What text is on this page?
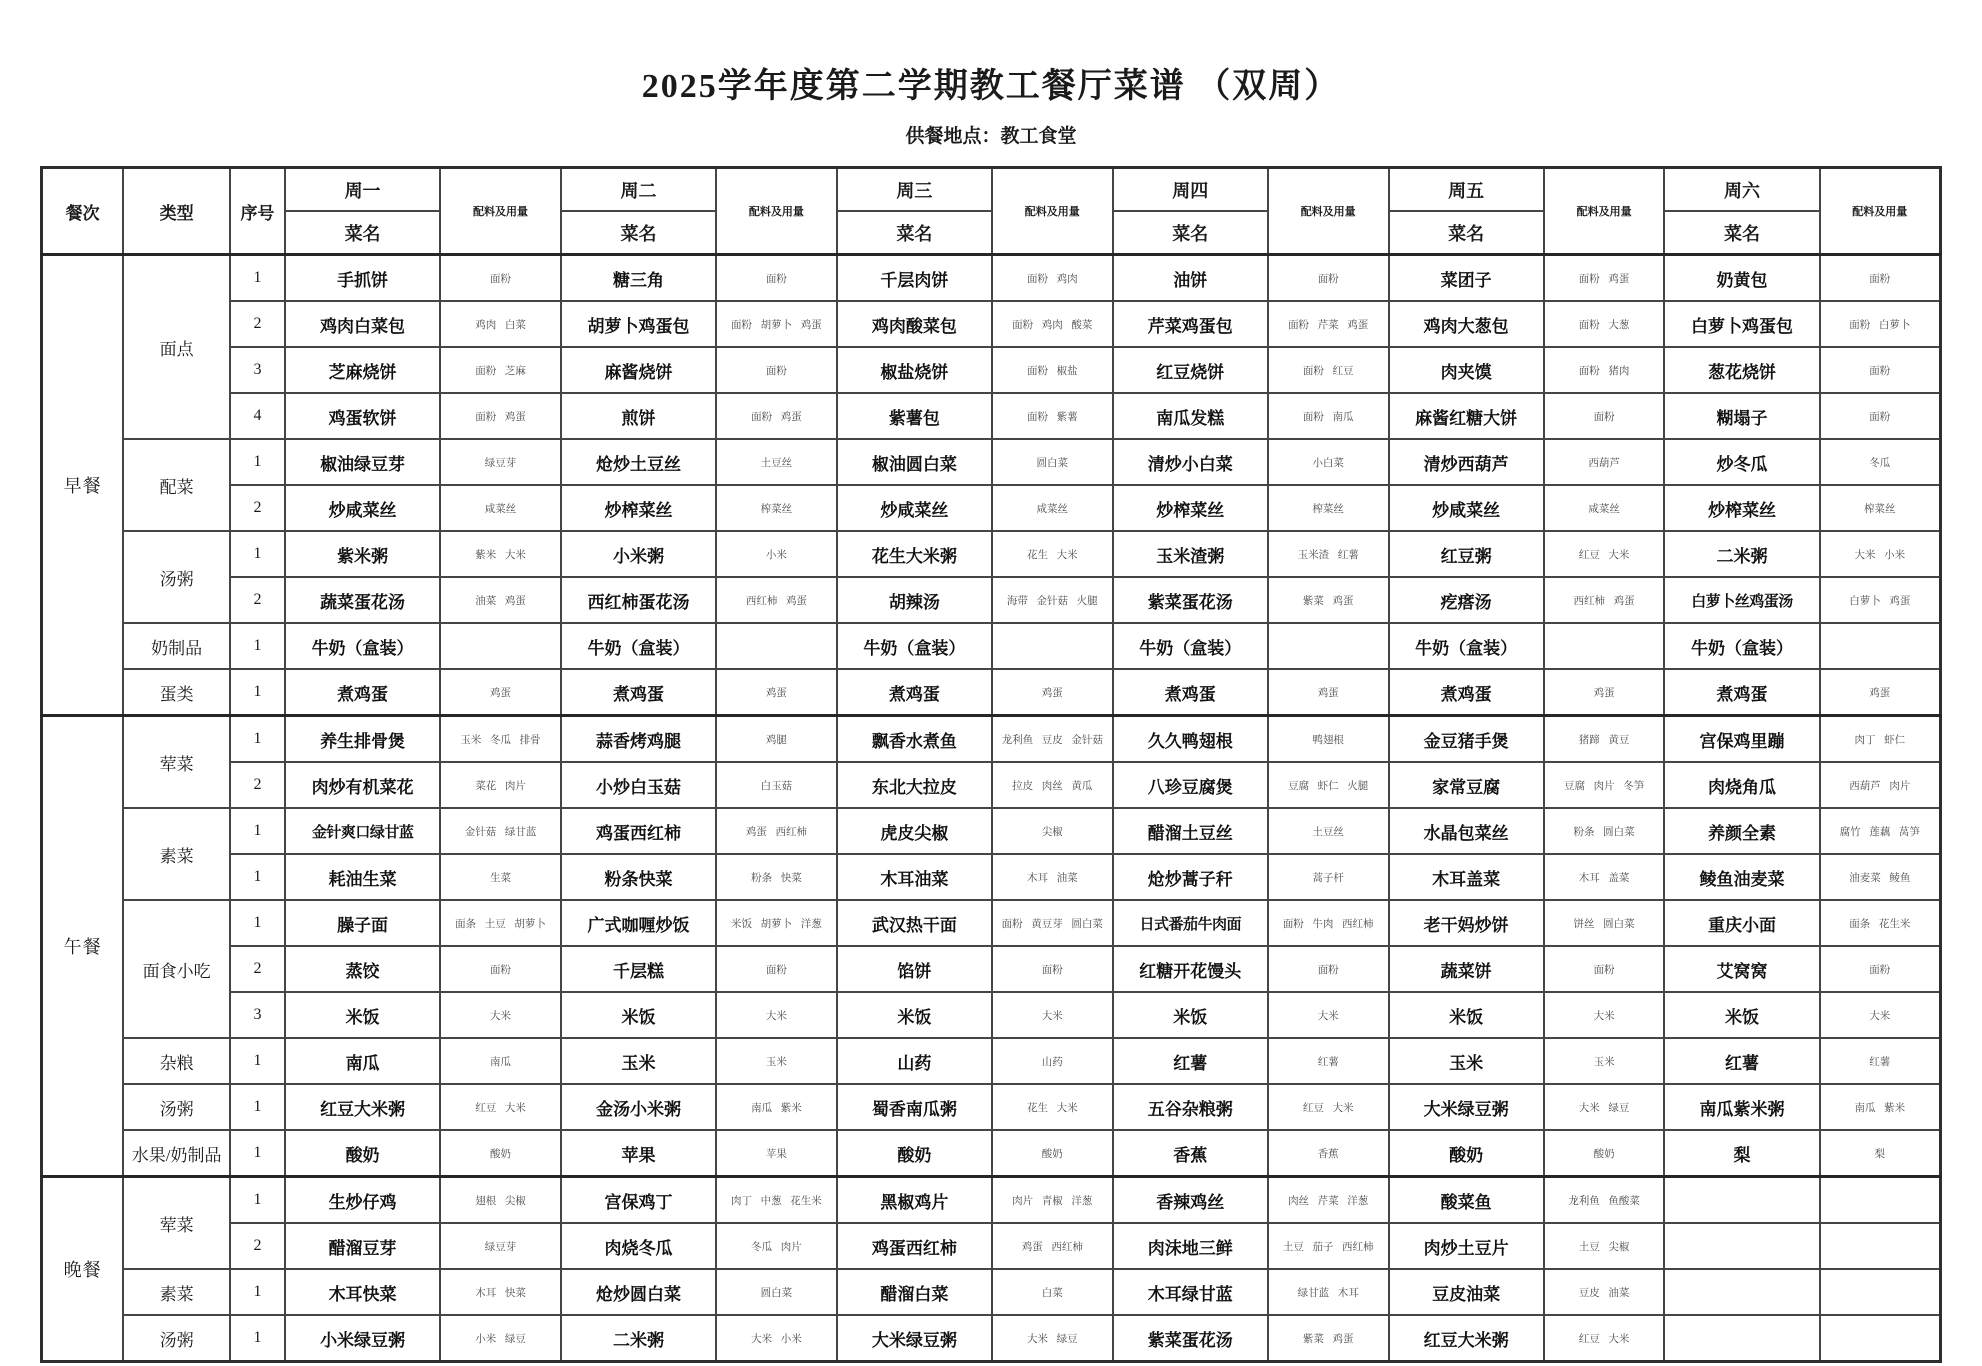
2025学年度第二学期教工餐厅菜谱 （双周）
供餐地点：教工食堂
餐次	类型	序号	周一	配料及用量	周二	配料及用量	周三	配料及用量	周四	配料及用量	周五	配料及用量	周六	配料及用量
			菜名		菜名		菜名		菜名		菜名		菜名	
早餐	面点	1	手抓饼	面粉	糖三角	面粉	千层肉饼	面粉 鸡肉	油饼	面粉	菜团子	面粉 鸡蛋	奶黄包	面粉
		2	鸡肉白菜包	鸡肉 白菜	胡萝卜鸡蛋包	面粉 胡萝卜 鸡蛋	鸡肉酸菜包	面粉 鸡肉 酸菜	芹菜鸡蛋包	面粉 芹菜 鸡蛋	鸡肉大葱包	面粉 大葱	白萝卜鸡蛋包	面粉 白萝卜
		3	芝麻烧饼	面粉 芝麻	麻酱烧饼	面粉	椒盐烧饼	面粉 椒盐	红豆烧饼	面粉 红豆	肉夹馍	面粉 猪肉	葱花烧饼	面粉
		4	鸡蛋软饼	面粉 鸡蛋	煎饼	面粉 鸡蛋	紫薯包	面粉 紫薯	南瓜发糕	面粉 南瓜	麻酱红糖大饼	面粉	糊塌子	面粉
	配菜	1	椒油绿豆芽	绿豆芽	炝炒土豆丝	土豆丝	椒油圆白菜	圆白菜	清炒小白菜	小白菜	清炒西葫芦	西葫芦	炒冬瓜	冬瓜
		2	炒咸菜丝	咸菜丝	炒榨菜丝	榨菜丝	炒咸菜丝	咸菜丝	炒榨菜丝	榨菜丝	炒咸菜丝	咸菜丝	炒榨菜丝	榨菜丝
	汤粥	1	紫米粥	紫米 大米	小米粥	小米	花生大米粥	花生 大米	玉米渣粥	玉米渣 红薯	红豆粥	红豆 大米	二米粥	大米 小米
		2	蔬菜蛋花汤	油菜 鸡蛋	西红柿蛋花汤	西红柿 鸡蛋	胡辣汤	海带 金针菇 火腿	紫菜蛋花汤	紫菜 鸡蛋	疙瘩汤	西红柿 鸡蛋	白萝卜丝鸡蛋汤	白萝卜 鸡蛋
	奶制品	1	牛奶（盒装）		牛奶（盒装）		牛奶（盒装）		牛奶（盒装）		牛奶（盒装）		牛奶（盒装）	
	蛋类	1	煮鸡蛋	鸡蛋	煮鸡蛋	鸡蛋	煮鸡蛋	鸡蛋	煮鸡蛋	鸡蛋	煮鸡蛋	鸡蛋	煮鸡蛋	鸡蛋
午餐	荤菜	1	养生排骨煲	玉米 冬瓜 排骨	蒜香烤鸡腿	鸡腿	飘香水煮鱼	龙利鱼 豆皮 金针菇	久久鸭翅根	鸭翅根	金豆猪手煲	猪蹄 黄豆	宫保鸡里蹦	肉丁 虾仁
		2	肉炒有机菜花	菜花 肉片	小炒白玉菇	白玉菇	东北大拉皮	拉皮 肉丝 黄瓜	八珍豆腐煲	豆腐 虾仁 火腿	家常豆腐	豆腐 肉片 冬笋	肉烧角瓜	西葫芦 肉片
	素菜	1	金针爽口绿甘蓝	金针菇 绿甘蓝	鸡蛋西红柿	鸡蛋 西红柿	虎皮尖椒	尖椒	醋溜土豆丝	土豆丝	水晶包菜丝	粉条 圆白菜	养颜全素	腐竹 莲藕 莴笋
		1	耗油生菜	生菜	粉条快菜	粉条 快菜	木耳油菜	木耳 油菜	炝炒蒿子秆	蒿子杆	木耳盖菜	木耳 盖菜	鲮鱼油麦菜	油麦菜 鲮鱼
	面食小吃	1	臊子面	面条 土豆 胡萝卜	广式咖喱炒饭	米饭 胡萝卜 洋葱	武汉热干面	面粉 黄豆芽 圆白菜	日式番茄牛肉面	面粉 牛肉 西红柿	老干妈炒饼	饼丝 圆白菜	重庆小面	面条 花生米
		2	蒸饺	面粉	千层糕	面粉	馅饼	面粉	红糖开花馒头	面粉	蔬菜饼	面粉	艾窝窝	面粉
		3	米饭	大米	米饭	大米	米饭	大米	米饭	大米	米饭	大米	米饭	大米
	杂粮	1	南瓜	南瓜	玉米	玉米	山药	山药	红薯	红薯	玉米	玉米	红薯	红薯
	汤粥	1	红豆大米粥	红豆 大米	金汤小米粥	南瓜 紫米	蜀香南瓜粥	花生 大米	五谷杂粮粥	红豆 大米	大米绿豆粥	大米 绿豆	南瓜紫米粥	南瓜 紫米
	水果/奶制品	1	酸奶	酸奶	苹果	苹果	酸奶	酸奶	香蕉	香蕉	酸奶	酸奶	梨	梨
晚餐	荤菜	1	生炒仔鸡	翅根 尖椒	宫保鸡丁	肉丁 中葱 花生米	黑椒鸡片	肉片 青椒 洋葱	香辣鸡丝	肉丝 芹菜 洋葱	酸菜鱼	龙利鱼 鱼酸菜		
		2	醋溜豆芽	绿豆芽	肉烧冬瓜	冬瓜 肉片	鸡蛋西红柿	鸡蛋 西红柿	肉沫地三鲜	土豆 茄子 西红柿	肉炒土豆片	土豆 尖椒		
	素菜	1	木耳快菜	木耳 快菜	炝炒圆白菜	圆白菜	醋溜白菜	白菜	木耳绿甘蓝	绿甘蓝 木耳	豆皮油菜	豆皮 油菜		
	汤粥	1	小米绿豆粥	小米 绿豆	二米粥	大米 小米	大米绿豆粥	大米 绿豆	紫菜蛋花汤	紫菜 鸡蛋	红豆大米粥	红豆 大米		
